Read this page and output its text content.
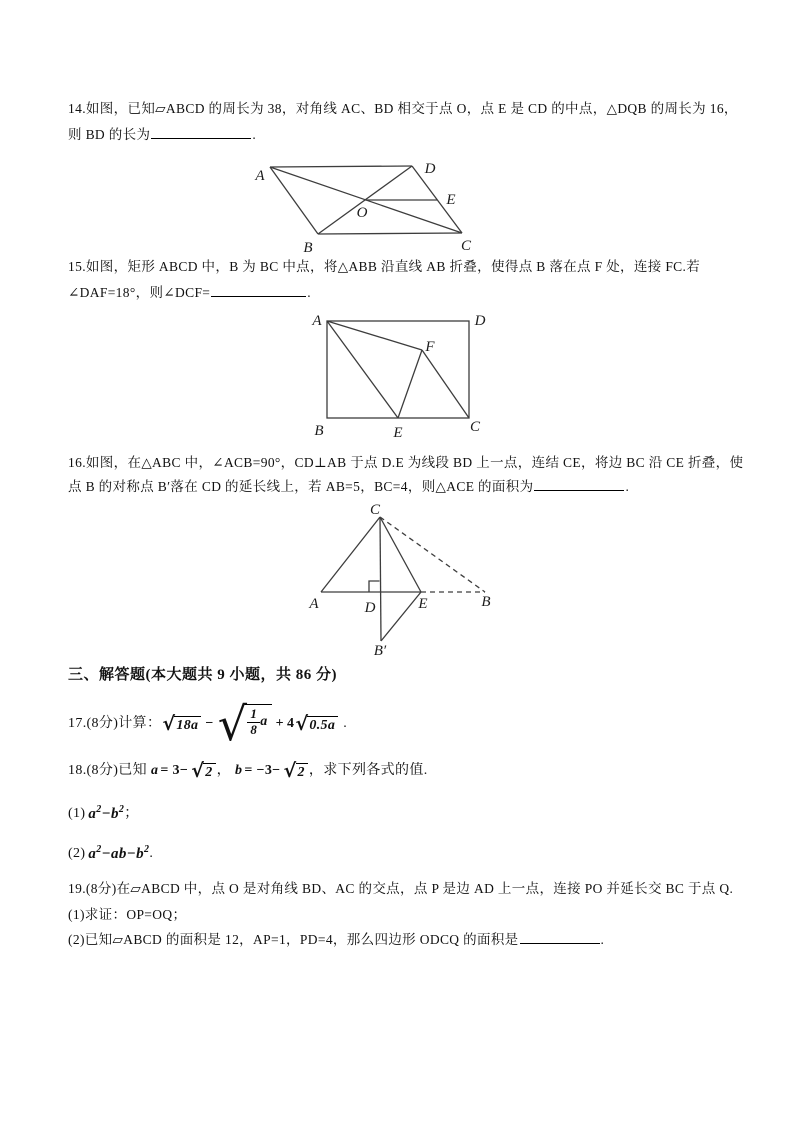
14.如图，已知▱ABCD 的周长为 38，对角线 AC、BD 相交于点 O，点 E 是 CD 的中点，△DQB 的周长为 16，
则 BD 的长为	.
A	D
B	C
E
O
15.如图，矩形 ABCD 中，B 为 BC 中点，将△ABB 沿直线 AB 折叠，使得点 B 落在点 F 处，连接 FC.若
∠DAF=18°，则∠DCF=	.
A	D
B	C
E
F
16.如图，在△ABC 中，∠ACB=90°，CD⊥AB 于点 D.E 为线段 BD 上一点，连结 CE，将边 BC 沿 CE 折叠，使
点 B 的对称点 B′落在 CD 的延长线上，若 AB=5，BC=4，则△ACE 的面积为	.
C
A	D	E	B
B′
三、解答题(本大题共 9 小题，共 86 分)
17.(8分)计算： √ 18a − √ $\frac{1}{8}$ a + 4 √ 0.5a .
18.(8分)已知 a = 3− √ 2 ， b = −3− √ 2 ，求下列各式的值.
(1) $a^2-b^2$ ；
(2) $a^2-ab-b^2$ .
19.(8分)在▱ABCD 中，点 O 是对角线 BD、AC 的交点，点 P 是边 AD 上一点，连接 PO 并延长交 BC 于点 Q.
(1)求证：OP=OQ；
(2)已知▱ABCD 的面积是 12，AP=1，PD=4，那么四边形 ODCQ 的面积是	.
